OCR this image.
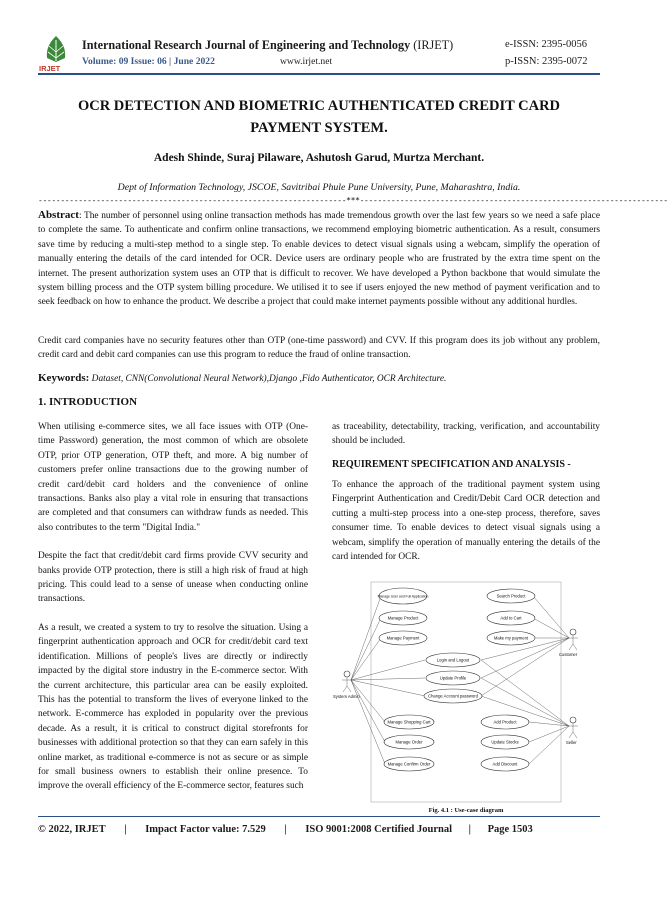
IRJET
International Research Journal of Engineering and Technology (IRJET)	e-ISSN: 2395-0056
Volume: 09 Issue: 06 | June 2022	www.irjet.net	p-ISSN: 2395-0072
OCR DETECTION AND BIOMETRIC AUTHENTICATED CREDIT CARD
PAYMENT SYSTEM.
Adesh Shinde, Suraj Pilaware, Ashutosh Garud, Murtza Merchant.
Dept of Information Technology, JSCOE, Savitribai Phule Pune University, Pune, Maharashtra, India.
---------------------------------------------------------------------***---------------------------------------------------------------------
Abstract: The number of personnel using online transaction methods has made tremendous growth over the last few years so we need a safe place to complete the same. To authenticate and confirm online transactions, we recommend employing biometric authentication. As a result, consumers save time by reducing a multi-step method to a single step. To enable devices to detect visual signals using a webcam, simplify the operation of manually entering the details of the card intended for OCR. Device users are ordinary people who are frustrated by the extra time spent on the internet. The present authorization system uses an OTP that is difficult to recover. We have developed a Python backbone that would simulate the system billing process and the OTP system billing procedure. We utilised it to see if users enjoyed the new method of payment verification and to seek feedback on how to enhance the product. We describe a project that could make internet payments possible without any additional hurdles.
Credit card companies have no security features other than OTP (one-time password) and CVV. If this program does its job without any problem, credit card and debit card companies can use this program to reduce the fraud of online transaction.
Keywords: Dataset, CNN(Convolutional Neural Network),Django ,Fido Authenticator, OCR Architecture.
1. INTRODUCTION

When utilising e-commerce sites, we all face issues with OTP (One-time Password) generation, the most common of which are obsolete OTP, prior OTP generation, OTP theft, and more. A big number of customers prefer online transactions due to the growing number of credit card/debit card holders and the convenience of online transactions. Banks also play a vital role in ensuring that transactions are completed and that consumers can withdraw funds as needed. This also contributes to the term "Digital India."

Despite the fact that credit/debit card firms provide CVV security and banks provide OTP protection, there is still a high risk of fraud at high pricing. This could lead to a sense of unease when conducting online transactions.

As a result, we created a system to try to resolve the situation. Using a fingerprint authentication approach and OCR for credit/debit card text identification. Millions of people's lives are directly or indirectly impacted by the digital store industry in the E-commerce sector. With the current architecture, this particular area can be easily exploited. This has the potential to transform the lives of everyone linked to the network. E-commerce has exploded in popularity over the previous decade. As a result, it is critical to construct digital storefronts for businesses with additional protection so that they can earn safely in this online market, as traditional e-commerce is not as secure or as simple for small business owners to establish their online presence. To improve the overall efficiency of the E-commerce sector, features such

as traceability, detectability, tracking, verification, and accountability should be included.

REQUIREMENT SPECIFICATION AND ANALYSIS -
To enhance the approach of the traditional payment system using Fingerprint Authentication and Credit/Debit Card OCR detection and cutting a multi-step process into a one-step process, therefore, saves consumer time. To enable devices to detect visual signals using a webcam, simplify the operation of manually entering the details of the card intended for OCR.
System Admin
Customer
Seller
Manage User and Full Application
Manage Product
Manage Payment
Search Product
Add to Cart
Make my payment
Login and Logout
Update Profile
Change Account password
Manage Shopping Cart
Manage Order
Manage Confirm Order
Add Product
Update Stocks
Add Discount
Fig. 4.1 : Use-case diagram
© 2022, IRJET | Impact Factor value: 7.529 | ISO 9001:2008 Certified Journal | Page 1503
